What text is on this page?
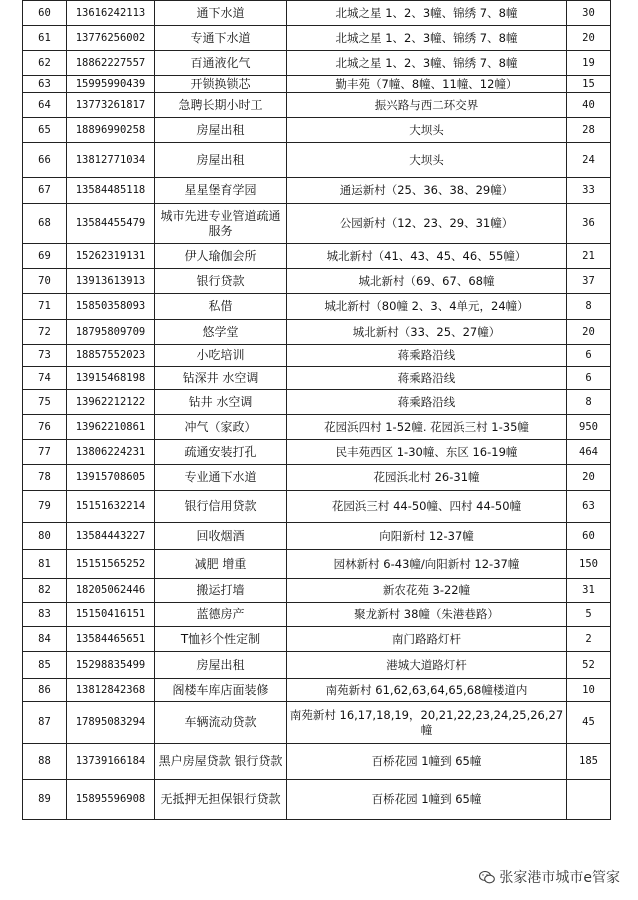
60	13616242113	通下水道	北城之星 1、2、3幢、锦绣 7、8幢	30
61	13776256002	专通下水道	北城之星 1、2、3幢、锦绣 7、8幢	20
62	18862227557	百通液化气	北城之星 1、2、3幢、锦绣 7、8幢	19
63	15995990439	开锁换锁芯	勤丰苑（7幢、8幢、11幢、12幢）	15
64	13773261817	急聘长期小时工	振兴路与西二环交界	40
65	18896990258	房屋出租	大坝头	28
66	13812771034	房屋出租	大坝头	24
67	13584485118	星星堡育学园	通运新村（25、36、38、29幢）	33
68	13584455479	城市先进专业管道疏通服务	公园新村（12、23、29、31幢）	36
69	15262319131	伊人瑜伽会所	城北新村（41、43、45、46、55幢）	21
70	13913613913	银行贷款	城北新村（69、67、68幢	37
71	15850358093	私借	城北新村（80幢 2、3、4单元，24幢）	8
72	18795809709	悠学堂	城北新村（33、25、27幢）	20
73	18857552023	小吃培训	蒋乘路沿线	6
74	13915468198	钻深井 水空调	蒋乘路沿线	6
75	13962212122	钻井 水空调	蒋乘路沿线	8
76	13962210861	冲气（家政）	花园浜四村 1-52幢. 花园浜三村 1-35幢	950
77	13806224231	疏通安装打孔	民丰苑西区 1-30幢、东区 16-19幢	464
78	13915708605	专业通下水道	花园浜北村 26-31幢	20
79	15151632214	银行信用贷款	花园浜三村 44-50幢、四村 44-50幢	63
80	13584443227	回收烟酒	向阳新村 12-37幢	60
81	15151565252	减肥 增重	园林新村 6-43幢/向阳新村 12-37幢	150
82	18205062446	搬运打墙	新农花苑 3-22幢	31
83	15150416151	蓝德房产	聚龙新村 38幢（朱港巷路）	5
84	13584465651	T恤衫个性定制	南门路路灯杆	2
85	15298835499	房屋出租	港城大道路灯杆	52
86	13812842368	阁楼车库店面装修	南苑新村 61,62,63,64,65,68幢楼道内	10
87	17895083294	车辆流动贷款	南苑新村 16,17,18,19，20,21,22,23,24,25,26,27幢	45
88	13739166184	黑户房屋贷款 银行贷款	百桥花园 1幢到 65幢	185
89	15895596908	无抵押无担保银行贷款	百桥花园 1幢到 65幢	
张家港市城市e管家
